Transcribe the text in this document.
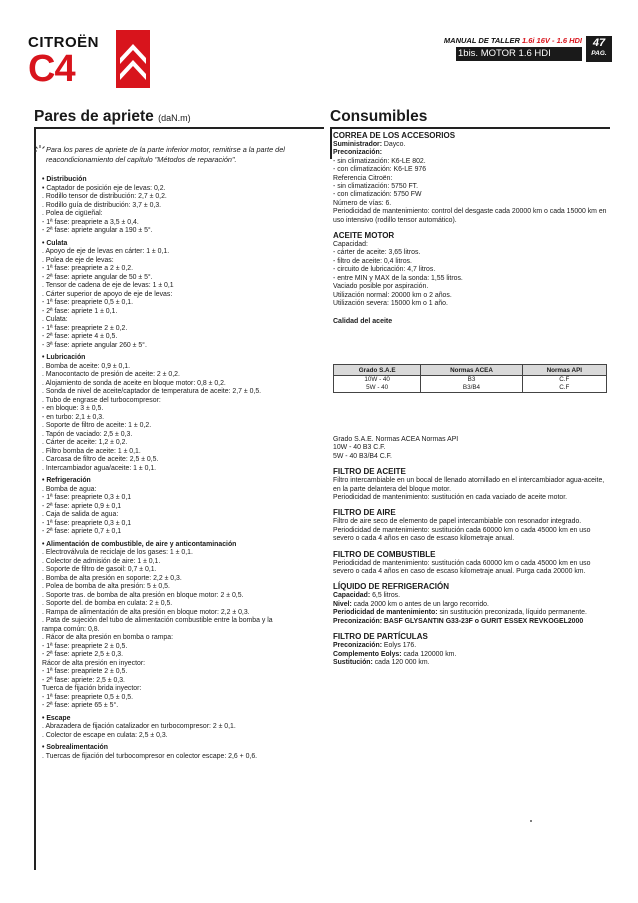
CITROËN
C4
MANUAL DE TALLER 1.6i 16V - 1.6 HDI
1bis. MOTOR 1.6 HDI
47
PAG.
Pares de apriete (daN.m)
Para los pares de apriete de la parte inferior motor, remitirse a la parte del reacondicionamiento del capítulo "Métodos de reparación".
• Distribución
• Captador de posición eje de levas: 0,2.
. Rodillo tensor de distribución: 2,7 ± 0,2.
. Rodillo guía de distribución: 3,7 ± 0,3.
. Polea de cigüeñal:
- 1ª fase: preapriete a 3,5 ± 0,4.
- 2ª fase: apriete angular a 190 ± 5°.
• Culata
. Apoyo de eje de levas en cárter: 1 ± 0,1.
. Polea de eje de levas:
- 1ª fase: preapriete a 2 ± 0,2.
- 2ª fase: apriete angular de 50 ± 5°.
. Tensor de cadena de eje de levas: 1 ± 0,1
. Cárter superior de apoyo de eje de levas:
- 1ª fase: preapriete 0,5 ± 0,1.
- 2ª fase: apriete 1 ± 0,1.
. Culata:
- 1ª fase: preapriete 2 ± 0,2.
- 2ª fase: apriete 4 ± 0,5.
- 3ª fase: apriete angular 260 ± 5°.
• Lubricación
. Bomba de aceite: 0,9 ± 0,1.
. Manocontacto de presión de aceite: 2 ± 0,2.
. Alojamiento de sonda de aceite en bloque motor: 0,8 ± 0,2.
. Sonda de nivel de aceite/captador de temperatura de aceite: 2,7 ± 0,5.
. Tubo de engrase del turbocompresor:
- en bloque: 3 ± 0,5.
- en turbo: 2,1 ± 0,3.
. Soporte de filtro de aceite: 1 ± 0,2.
. Tapón de vaciado: 2,5 ± 0,3.
. Cárter de aceite: 1,2 ± 0,2.
. Filtro bomba de aceite: 1 ± 0,1.
. Carcasa de filtro de aceite: 2,5 ± 0,5.
. Intercambiador agua/aceite: 1 ± 0,1.
• Refrigeración
. Bomba de agua:
- 1ª fase: preapriete 0,3 ± 0,1
- 2ª fase: apriete 0,9 ± 0,1
. Caja de salida de agua:
- 1ª fase: preapriete 0,3 ± 0,1
- 2ª fase: apriete 0,7 ± 0,1
• Alimentación de combustible, de aire y anticontaminación
. Electroválvula de reciclaje de los gases: 1 ± 0,1.
. Colector de admisión de aire: 1 ± 0,1.
. Soporte de filtro de gasoil: 0,7 ± 0,1.
. Bomba de alta presión en soporte: 2,2 ± 0,3.
. Polea de bomba de alta presión: 5 ± 0,5.
. Soporte tras. de bomba de alta presión en bloque motor: 2 ± 0,5.
. Soporte del. de bomba en culata: 2 ± 0,5.
. Rampa de alimentación de alta presión en bloque motor: 2,2 ± 0,3.
. Pata de sujeción del tubo de alimentación combustible entre la bomba y la
rampa común: 0,8.
. Rácor de alta presión en bomba o rampa:
- 1ª fase: preapriete 2 ± 0,5.
- 2ª fase: apriete 2,5 ± 0,3.
Rácor de alta presión en inyector:
- 1ª fase: preapriete 2 ± 0,5.
- 2ª fase: apriete: 2,5 ± 0,3.
Tuerca de fijación brida inyector:
- 1ª fase: preapriete 0,5 ± 0,5.
- 2ª fase: apriete 65 ± 5°.
• Escape
. Abrazadera de fijación catalizador en turbocompresor: 2 ± 0,1.
. Colector de escape en culata: 2,5 ± 0,3.
• Sobrealimentación
. Tuercas de fijación del turbocompresor en colector escape: 2,6 + 0,6.
Consumibles
CORREA DE LOS ACCESORIOS
Suministrador: Dayco.
Preconización:
- sin climatización: K6-LE 802.
- con climatización: K6-LE 976
Referencia Citroën:
- sin climatización: 5750 FT.
- con climatización: 5750 FW
Número de vías: 6.
Periodicidad de mantenimiento: control del desgaste cada 20000 km o cada 15000 km en uso intensivo (rodillo tensor automático).
ACEITE MOTOR
Capacidad:
- cárter de aceite: 3,65 litros.
- filtro de aceite: 0,4 litros.
- circuito de lubricación: 4,7 litros.
- entre MIN y MAX de la sonda: 1,55 litros.
Vaciado posible por aspiración.
Utilización normal: 20000 km o 2 años.
Utilización severa: 15000 km o 1 año.
Calidad del aceite
Grado S.A.E	Normas ACEA	Normas API
10W - 40	B3	C.F
5W - 40	B3/B4	C.F
Grado S.A.E. Normas ACEA Normas API
10W - 40 B3 C.F.
5W - 40 B3/B4 C.F.
FILTRO DE ACEITE
Filtro intercambiable en un bocal de llenado atornillado en el intercambiador agua-aceite, en la parte delantera del bloque motor.
Periodicidad de mantenimiento: sustitución en cada vaciado de aceite motor.
FILTRO DE AIRE
Filtro de aire seco de elemento de papel intercambiable con resonador integrado.
Periodicidad de mantenimiento: sustitución cada 60000 km o cada 45000 km en uso severo o cada 4 años en caso de escaso kilometraje anual.
FILTRO DE COMBUSTIBLE
Periodicidad de mantenimiento: sustitución cada 60000 km o cada 45000 km en uso severo o cada 4 años en caso de escaso kilometraje anual. Purga cada 20000 km.
LÍQUIDO DE REFRIGERACIÓN
Capacidad: 6,5 litros.
Nivel: cada 2000 km o antes de un largo recorrido.
Periodicidad de mantenimiento: sin sustitución preconizada, líquido permanente.
Preconización: BASF GLYSANTIN G33-23F o GURIT ESSEX REVKOGEL2000
FILTRO DE PARTÍCULAS
Preconización: Eolys 176.
Complemento Eolys: cada 120000 km.
Sustitución: cada 120 000 km.
